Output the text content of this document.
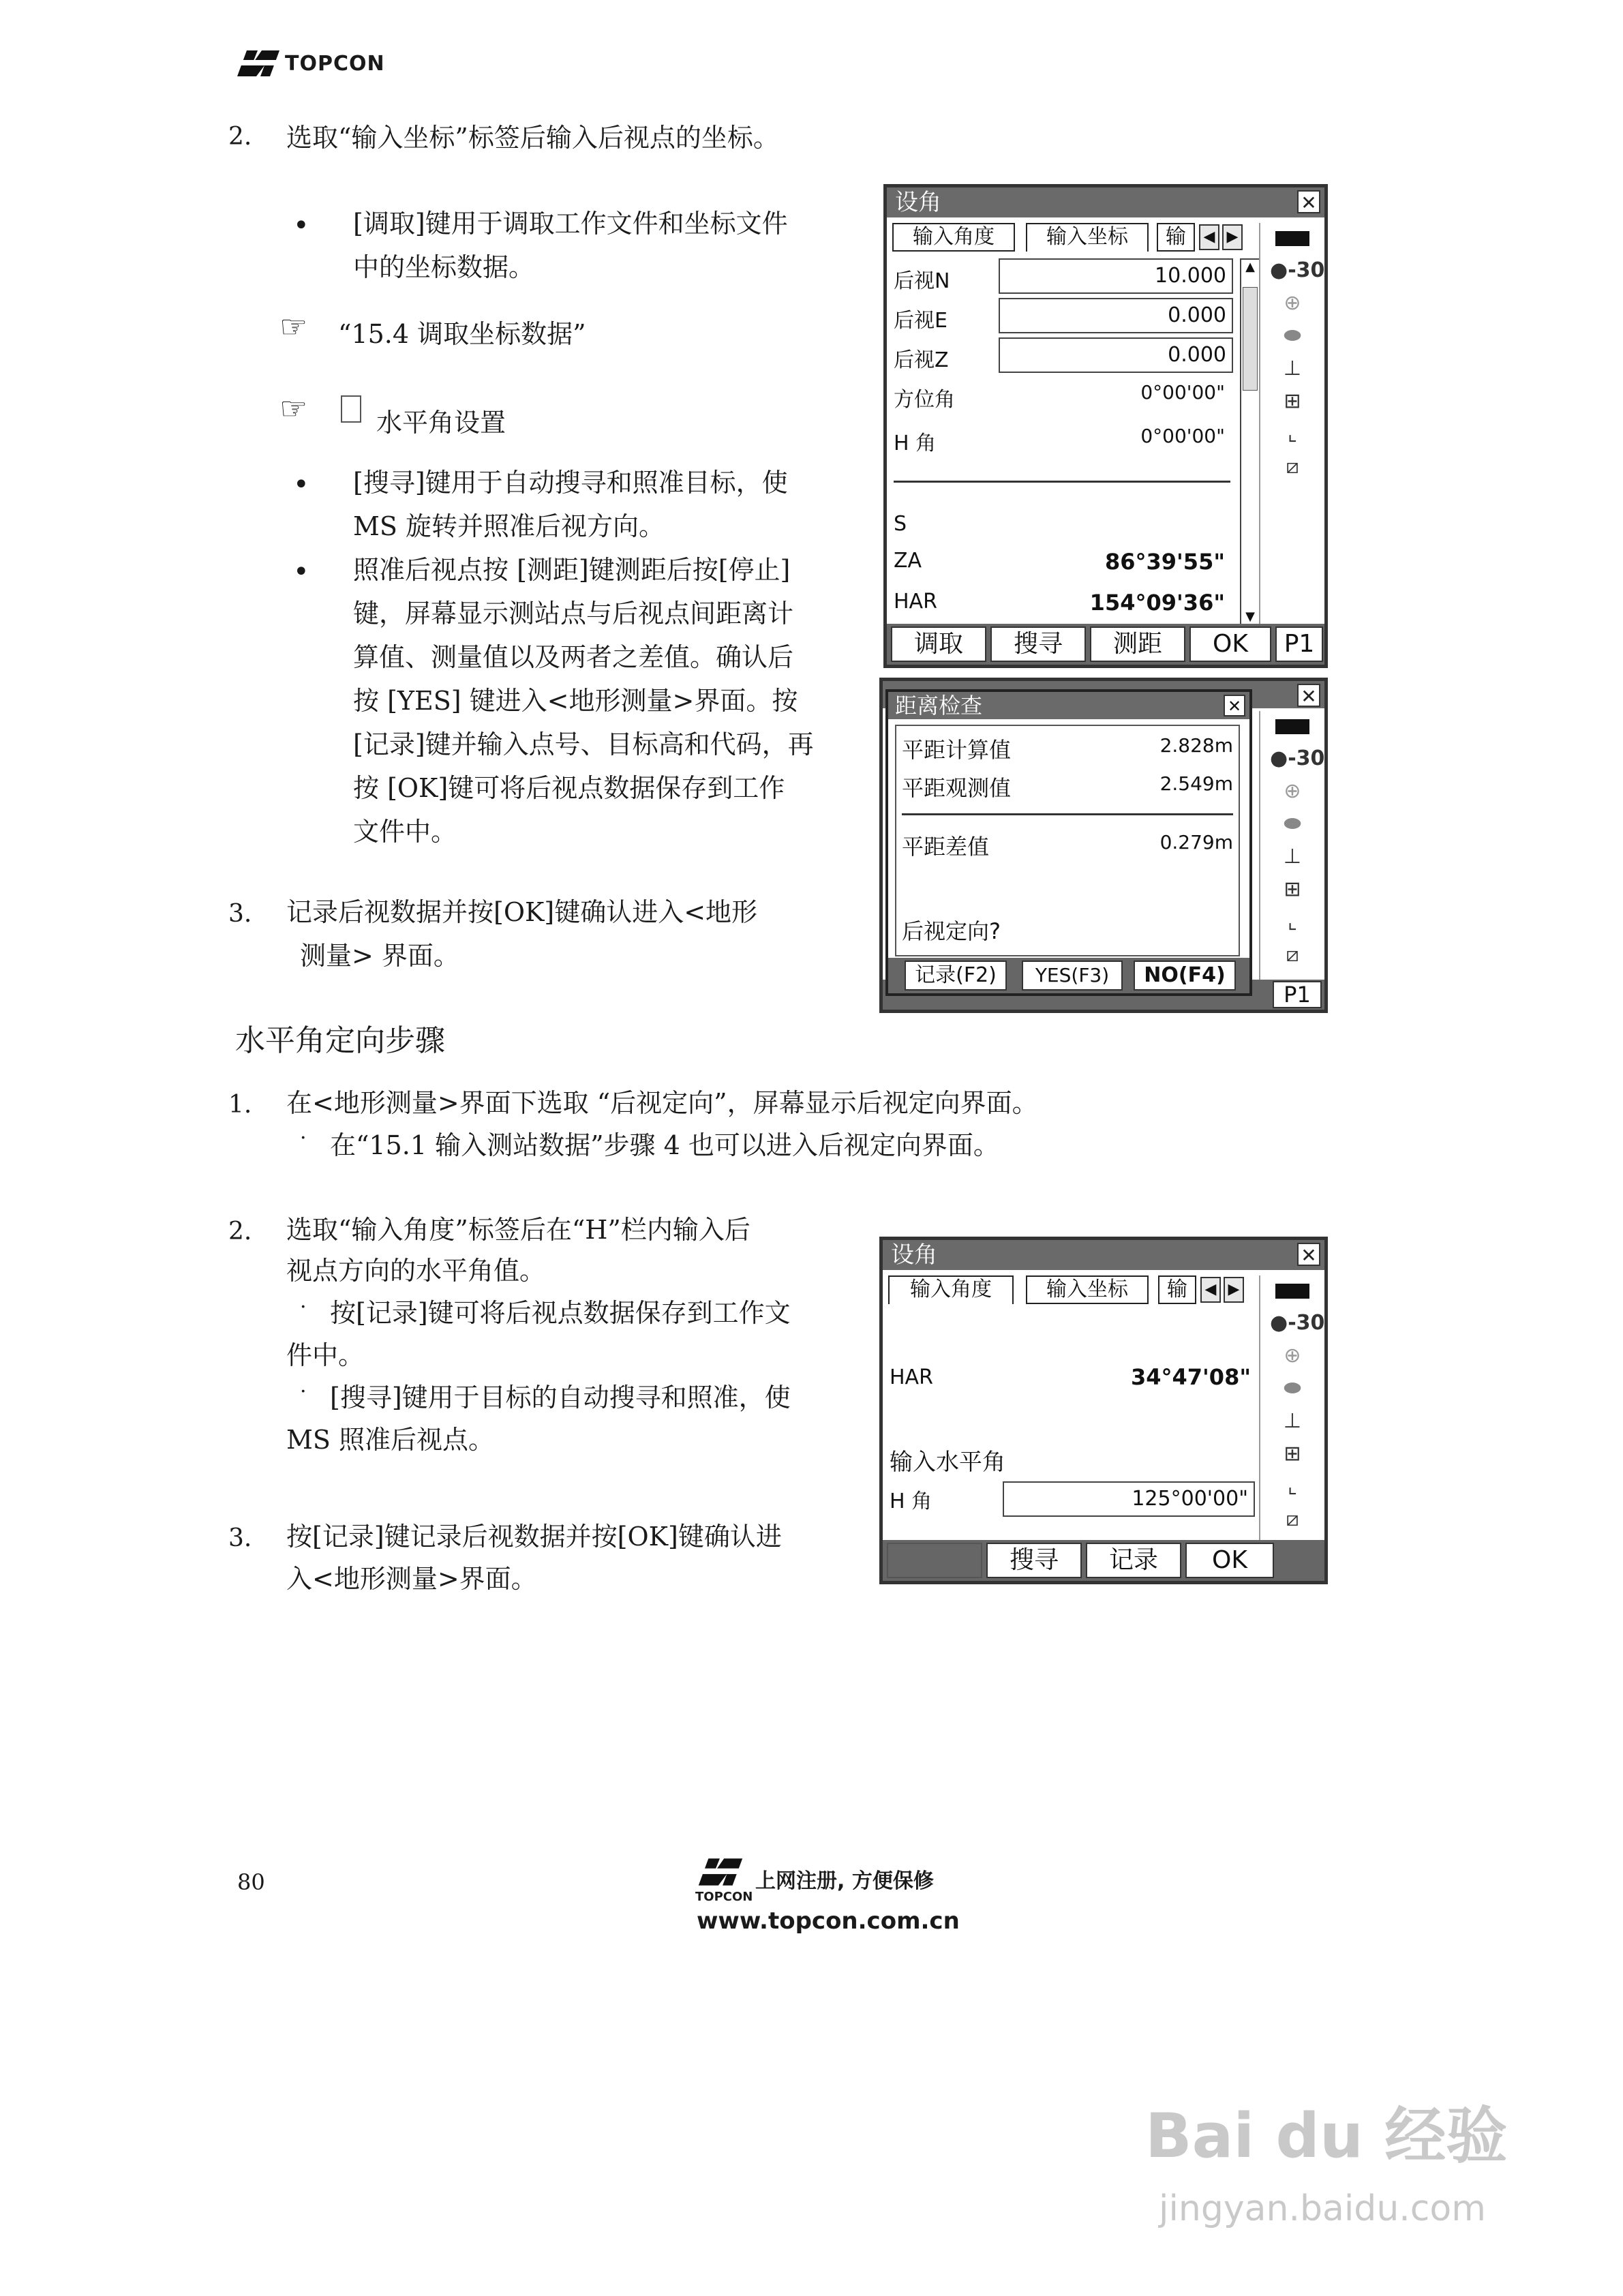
TOPCON
2. 选取“输入坐标”标签后输入后视点的坐标。
• [调取]键用于调取工作文件和坐标文件
中的坐标数据。
☞ “15.4 调取坐标数据”
☞	水平角设置
• [搜寻]键用于自动搜寻和照准目标，使
MS 旋转并照准后视方向。
• 照准后视点按 [测距]键测距后按[停止]
键，屏幕显示测站点与后视点间距离计
算值、测量值以及两者之差值。确认后
按 [YES] 键进入<地形测量>界面。按
[记录]键并输入点号、目标高和代码，再
按 [OK]键可将后视点数据保存到工作
文件中。
3. 记录后视数据并按[OK]键确认进入<地形
测量> 界面。
水平角定向步骤
1. 在<地形测量>界面下选取 “后视定向”，屏幕显示后视定向界面。
· 在“15.1 输入测站数据”步骤 4 也可以进入后视定向界面。
2. 选取“输入角度”标签后在“H”栏内输入后
视点方向的水平角值。
· 按[记录]键可将后视点数据保存到工作文
件中。
· [搜寻]键用于目标的自动搜寻和照准，使
MS 照准后视点。
3. 按[记录]键记录后视数据并按[OK]键确认进
入<地形测量>界面。
设角	✕
输入角度	输入坐标	输	◀ ▶
后视N	10.000
后视E	0.000
后视Z	0.000
方位角	0°00'00"
H 角	0°00'00"
S
ZA	86°39'55"
HAR	154°09'36"
▲
▼
●-30
⊕
⬬
⊥
⊞
⌞
⧄
调取	搜寻	测距	OK	P1
✕
●-30
⊕
⬬
⊥
⊞
⌞
⧄
P1
距离检查	✕
平距计算值	2.828m
平距观测值	2.549m
平距差值	0.279m
后视定向?
记录(F2)	YES(F3)	NO(F4)
设角	✕
输入角度	输入坐标	输	◀ ▶
HAR	34°47'08"
输入水平角
H 角	125°00'00"
●-30
⊕
⬬
⊥
⊞
⌞
⧄
搜寻	记录	OK
80
TOPCON
上网注册, 方便保修
www.topcon.com.cn
Bai du 经验
jingyan.baidu.com
